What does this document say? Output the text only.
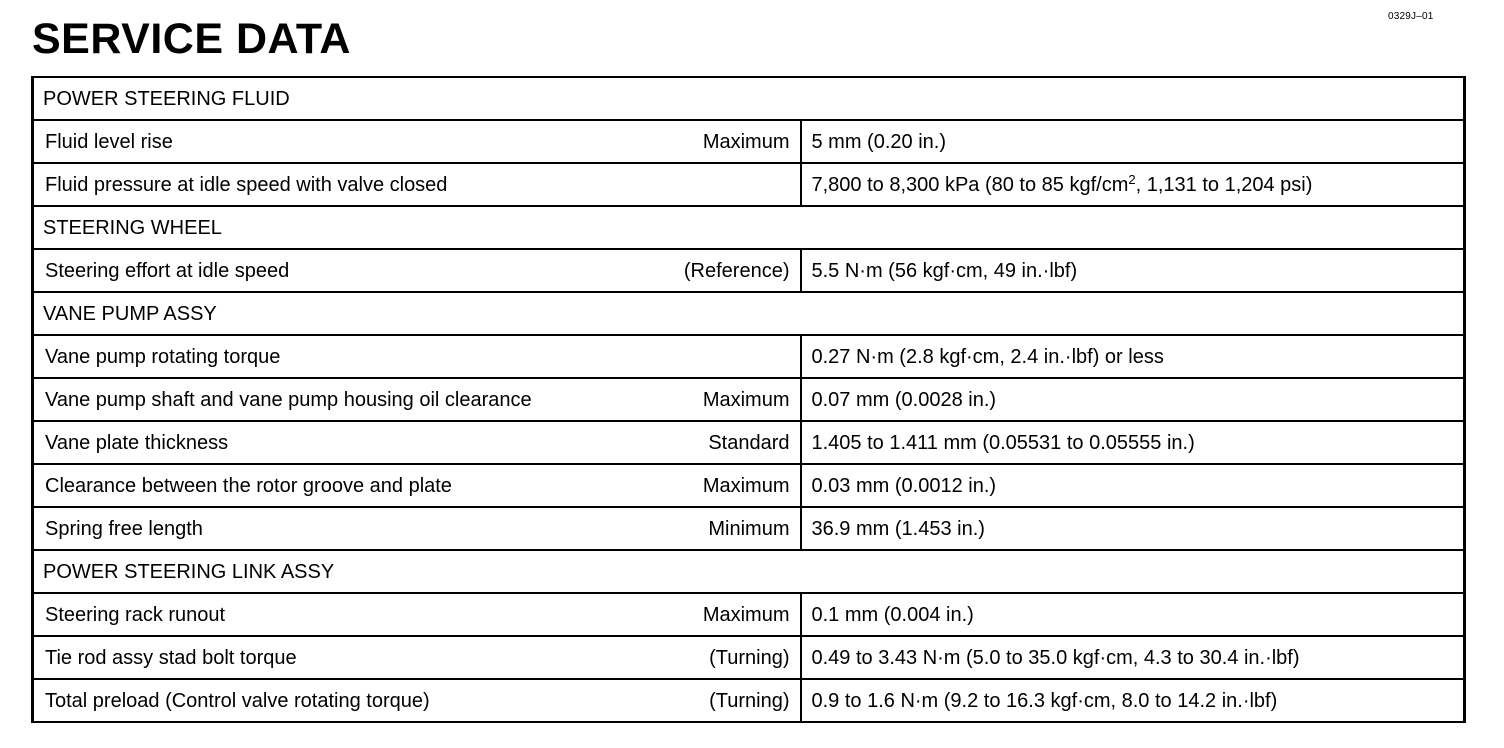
0329J–01
SERVICE DATA
POWER STEERING FLUID	

Fluid level rise Maximum	5 mm (0.20 in.)

Fluid pressure at idle speed with valve closed	7,800 to 8,300 kPa (80 to 85 kgf/$cm^2$, 1,131 to 1,204 psi)
STEERING WHEEL	

Steering effort at idle speed (Reference)	5.5 N·m (56 kgf·cm, 49 in.·lbf)
VANE PUMP ASSY	

Vane pump rotating torque	0.27 N·m (2.8 kgf·cm, 2.4 in.·lbf) or less

Vane pump shaft and vane pump housing oil clearance Maximum	0.07 mm (0.0028 in.)

Vane plate thickness Standard	1.405 to 1.411 mm (0.05531 to 0.05555 in.)

Clearance between the rotor groove and plate Maximum	0.03 mm (0.0012 in.)

Spring free length Minimum	36.9 mm (1.453 in.)
POWER STEERING LINK ASSY	

Steering rack runout Maximum	0.1 mm (0.004 in.)

Tie rod assy stad bolt torque (Turning)	0.49 to 3.43 N·m (5.0 to 35.0 kgf·cm, 4.3 to 30.4 in.·lbf)

Total preload (Control valve rotating torque) (Turning)	0.9 to 1.6 N·m (9.2 to 16.3 kgf·cm, 8.0 to 14.2 in.·lbf)
